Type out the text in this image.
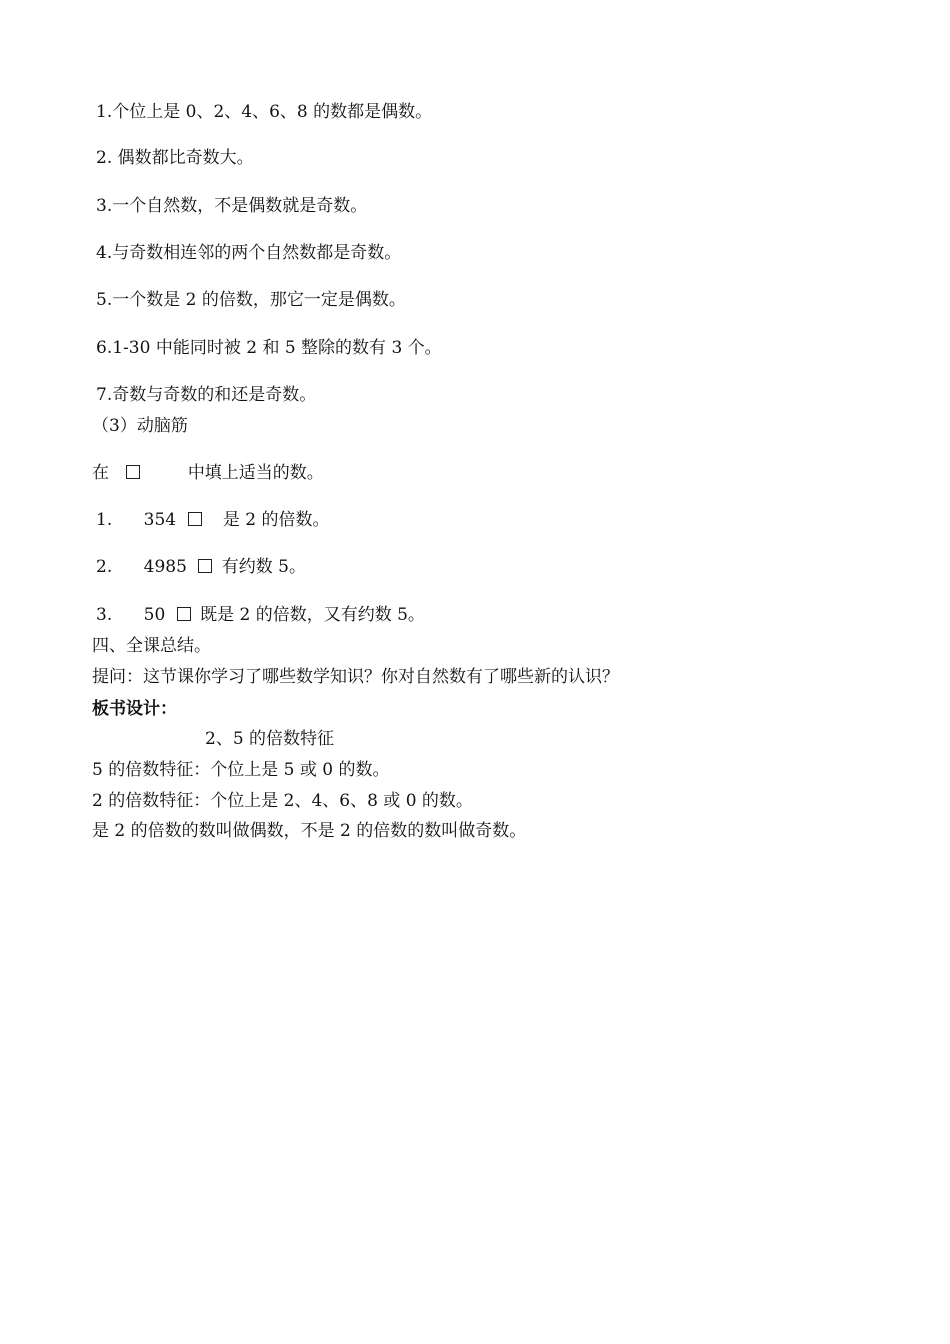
1.个位上是 0、2、4、6、8 的数都是偶数。
2. 偶数都比奇数大。
3.一个自然数，不是偶数就是奇数。
4.与奇数相连邻的两个自然数都是奇数。
5.一个数是 2 的倍数，那它一定是偶数。
6.1-30 中能同时被 2 和 5 整除的数有 3 个。
7.奇数与奇数的和还是奇数。
（3）动脑筋
在	中填上适当的数。
1. 354	是 2 的倍数。
2. 4985 有约数 5。
3. 50 既是 2 的倍数，又有约数 5。
四、全课总结。
提问：这节课你学习了哪些数学知识？你对自然数有了哪些新的认识？
板书设计：
2、5 的倍数特征
5 的倍数特征：个位上是 5 或 0 的数。
2 的倍数特征：个位上是 2、4、6、8 或 0 的数。
是 2 的倍数的数叫做偶数，不是 2 的倍数的数叫做奇数。
